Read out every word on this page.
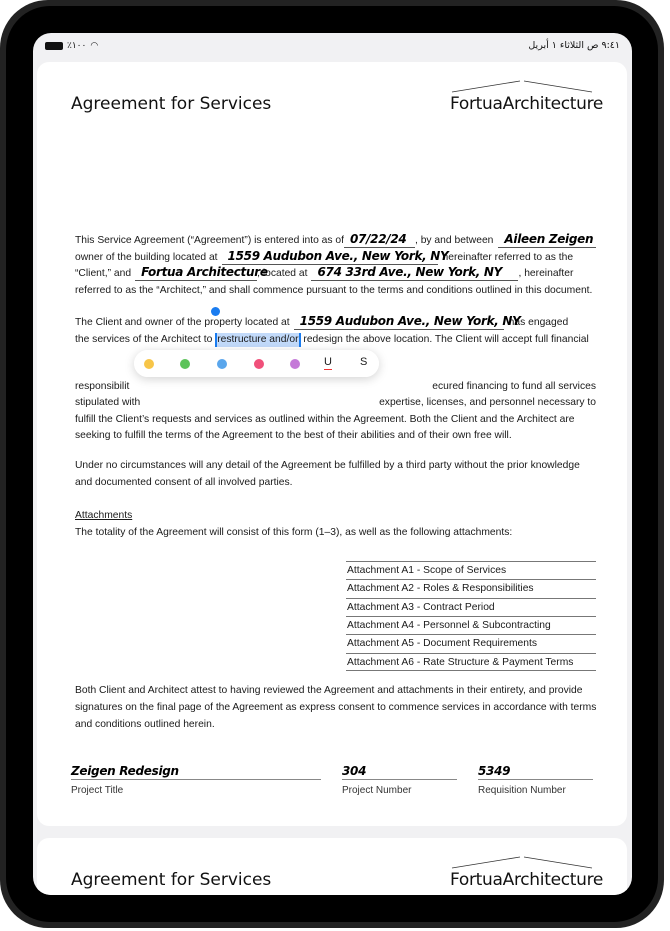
٪١٠٠ ◠	٩:٤١ ص الثلاثاء ١ أبريل
Agreement for Services	FortuaArchitecture
This Service Agreement (“Agreement”) is entered into as of 07/22/24 , by and between Aileen Zeigen
owner of the building located at 1559 Audubon Ave., New York, NY
hereinafter referred to as the
“Client,” and Fortua Architecture
, located at 674 33rd Ave., New York, NY , hereinafter
referred to as the “Architect,” and shall commence pursuant to the terms and conditions outlined in this document.
The Client and owner of the property located at 1559 Audubon Ave., New York, NY
has engaged
the services of the Architect to
restructure and/or
redesign the above location. The Client will accept full financial
U	S
responsibilit	ecured financing to fund all services
stipulated with	expertise, licenses, and personnel necessary to
fulfill the Client’s requests and services as outlined within the Agreement. Both the Client and the Architect are
seeking to fulfill the terms of the Agreement to the best of their abilities and of their own free will.
Under no circumstances will any detail of the Agreement be fulfilled by a third party without the prior knowledge
and documented consent of all involved parties.
Attachments
The totality of the Agreement will consist of this form (1–3), as well as the following attachments:
Attachment A1 - Scope of Services
Attachment A2 - Roles & Responsibilities
Attachment A3 - Contract Period
Attachment A4 - Personnel & Subcontracting
Attachment A5 - Document Requirements
Attachment A6 - Rate Structure & Payment Terms
Both Client and Architect attest to having reviewed the Agreement and attachments in their entirety, and provide
signatures on the final page of the Agreement as express consent to commence services in accordance with terms
and conditions outlined herein.
Zeigen Redesign
Project Title
304
Project Number
5349
Requisition Number
Agreement for Services	FortuaArchitecture
